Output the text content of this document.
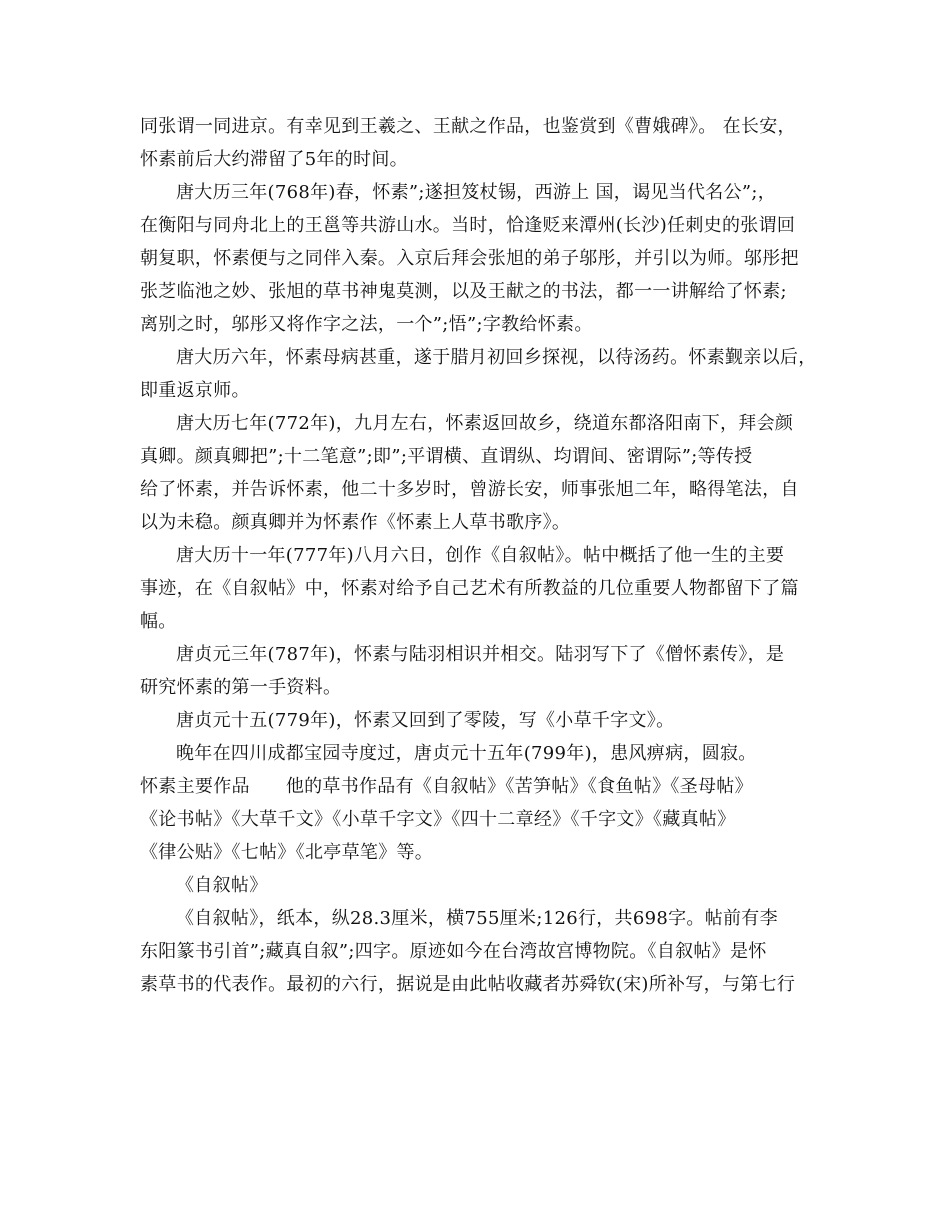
同张谓一同进京。有幸见到王羲之、王献之作品，也鉴赏到《曹娥碑》。 在长安，
怀素前后大约滞留了5年的时间。

唐大历三年(768年)春，怀素”;遂担笈杖锡，西游上 国，谒见当代名公”;，
在衡阳与同舟北上的王邕等共游山水。当时，恰逢贬来潭州(长沙)任刺史的张谓回
朝复职，怀素便与之同伴入秦。入京后拜会张旭的弟子邬彤，并引以为师。邬彤把
张芝临池之妙、张旭的草书神鬼莫测，以及王献之的书法，都一一讲解给了怀素;
离别之时，邬彤又将作字之法，一个”;悟”;字教给怀素。

唐大历六年，怀素母病甚重，遂于腊月初回乡探视，以待汤药。怀素觐亲以后，
即重返京师。

唐大历七年(772年)，九月左右，怀素返回故乡，绕道东都洛阳南下，拜会颜
真卿。颜真卿把”;十二笔意”;即”;平谓横、直谓纵、均谓间、密谓际”;等传授
给了怀素，并告诉怀素，他二十多岁时，曾游长安，师事张旭二年，略得笔法，自
以为未稳。颜真卿并为怀素作《怀素上人草书歌序》。

唐大历十一年(777年)八月六日，创作《自叙帖》。帖中概括了他一生的主要
事迹，在《自叙帖》中，怀素对给予自己艺术有所教益的几位重要人物都留下了篇
幅。

唐贞元三年(787年)，怀素与陆羽相识并相交。陆羽写下了《僧怀素传》，是
研究怀素的第一手资料。

唐贞元十五(779年)，怀素又回到了零陵，写《小草千字文》。

晚年在四川成都宝园寺度过，唐贞元十五年(799年)，患风痹病，圆寂。

怀素主要作品 他的草书作品有《自叙帖》《苦笋帖》《食鱼帖》《圣母帖》
《论书帖》《大草千文》《小草千字文》《四十二章经》《千字文》《藏真帖》
《律公贴》《七帖》《北亭草笔》等。

《自叙帖》

《自叙帖》，纸本，纵28.3厘米，横755厘米;126行，共698字。帖前有李
东阳篆书引首”;藏真自叙”;四字。原迹如今在台湾故宫博物院。《自叙帖》是怀
素草书的代表作。最初的六行，据说是由此帖收藏者苏舜钦(宋)所补写，与第七行
